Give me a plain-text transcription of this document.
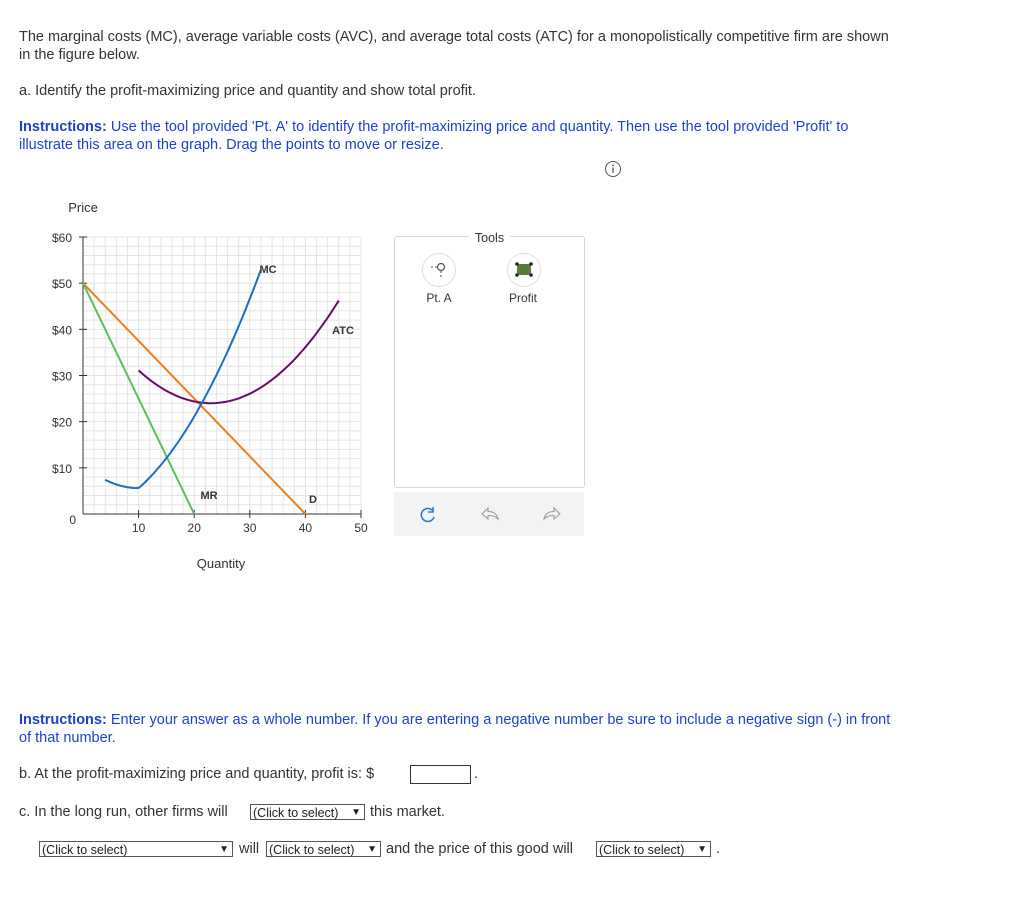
The marginal costs (MC), average variable costs (AVC), and average total costs (ATC) for a monopolistically competitive firm are shown
in the figure below.
a. Identify the profit-maximizing price and quantity and show total profit.
Instructions: Use the tool provided 'Pt. A' to identify the profit-maximizing price and quantity. Then use the tool provided 'Profit' to
illustrate this area on the graph. Drag the points to move or resize.
$60
$50
$40
$30
$20
$10
0
10	20	30	40	50
Price
Quantity
MC
ATC
MR	D
Tools
Pt. A	Profit
Instructions: Enter your answer as a whole number. If you are entering a negative number be sure to include a negative sign (-) in front
of that number.
b. At the profit-maximizing price and quantity, profit is: $	.
c. In the long run, other firms will (Click to select) ▼ this market.
(Click to select)	▼ will (Click to select) ▼ and the price of this good will (Click to select) ▼ .
